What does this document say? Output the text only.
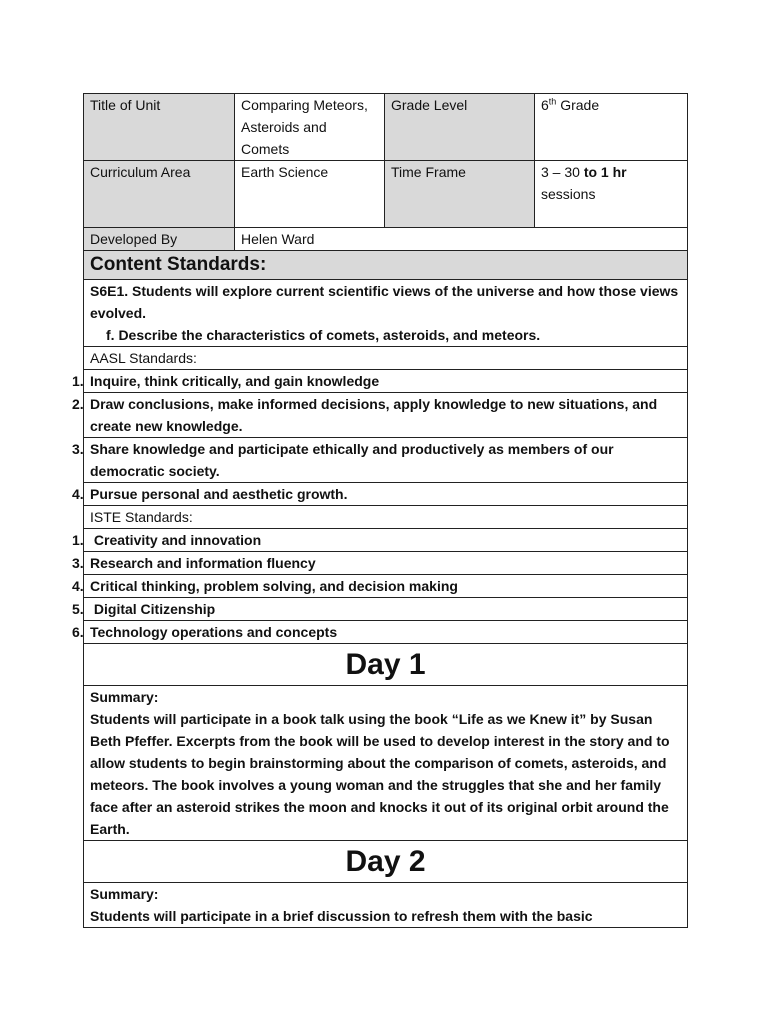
Title of Unit	Comparing Meteors, Asteroids and Comets	Grade Level	6th Grade
Curriculum Area	Earth Science	Time Frame	3 – 30 to 1 hr sessions
Developed By	Helen Ward		
Content Standards:			

S6E1. Students will explore current scientific views of the universe and how those views evolved.
f. Describe the characteristics of comets, asteroids, and meteors.			

AASL Standards:			
1. Inquire, think critically, and gain knowledge			
2. Draw conclusions, make informed decisions, apply knowledge to new situations, and create new knowledge.			
3. Share knowledge and participate ethically and productively as members of our democratic society.			
4. Pursue personal and aesthetic growth.			
ISTE Standards:			
1. Creativity and innovation			
3. Research and information fluency			
4. Critical thinking, problem solving, and decision making			
5. Digital Citizenship			
6. Technology operations and concepts			
Day 1			

Summary:
Students will participate in a book talk using the book “Life as we Knew it” by Susan Beth Pfeffer. Excerpts from the book will be used to develop interest in the story and to allow students to begin brainstorming about the comparison of comets, asteroids, and meteors. The book involves a young woman and the struggles that she and her family face after an asteroid strikes the moon and knocks it out of its original orbit around the Earth.			

Day 2			

Summary:
Students will participate in a brief discussion to refresh them with the basic			
